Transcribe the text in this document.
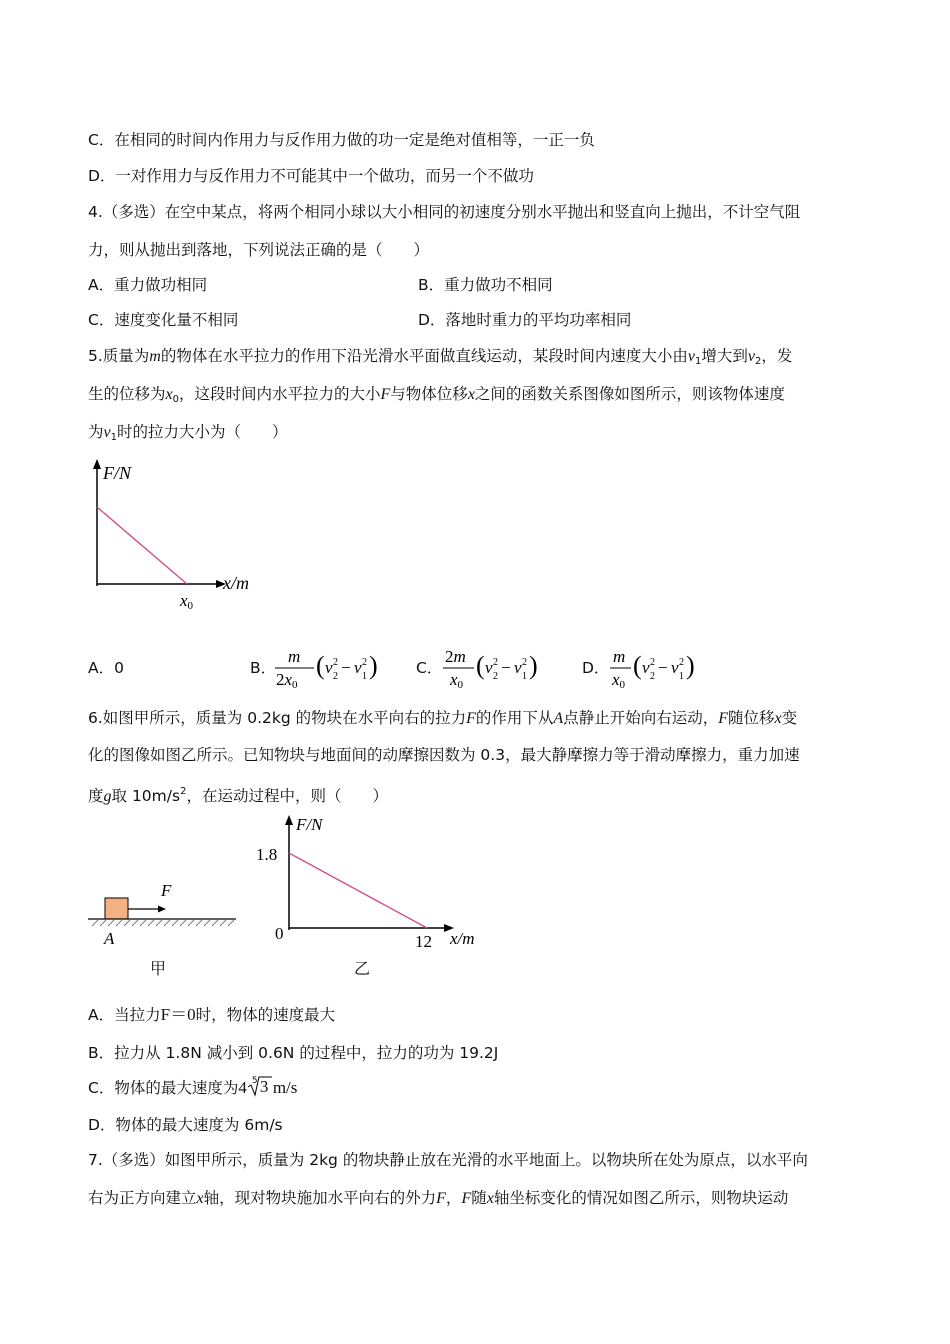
C．在相同的时间内作用力与反作用力做的功一定是绝对值相等，一正一负
D．一对作用力与反作用力不可能其中一个做功，而另一个不做功
4.（多选）在空中某点，将两个相同小球以大小相同的初速度分别水平抛出和竖直向上抛出，不计空气阻
力，则从抛出到落地，下列说法正确的是（　　）
A．重力做功相同	B．重力做功不相同
C．速度变化量不相同	D．落地时重力的平均功率相同
5.质量为m的物体在水平拉力的作用下沿光滑水平面做直线运动，某段时间内速度大小由$v_1$增大到$v_2$，发
生的位移为$x_0$，这段时间内水平拉力的大小F与物体位移x之间的函数关系图像如图所示，则该物体速度
为$v_1$时的拉力大小为（　　）
F/N
x/m
x0
A．0	B．
m
2x0
( v 2
2 − v 2
1 ) C．
2m
x0
( v 2
2 − v 2
1 )	D．
m
x0
( v 2
2 − v 2
1 )
6.如图甲所示，质量为 0.2kg 的物块在水平向右的拉力F的作用下从A点静止开始向右运动，F随位移x变
化的图像如图乙所示。已知物块与地面间的动摩擦因数为 0.3，最大静摩擦力等于滑动摩擦力，重力加速
度g取 $10m/s^2$，在运动过程中，则（　　）
F
A
甲
F/N
1.8
0	12 x/m
乙
A．当拉力F＝0时，物体的速度最大
B．拉力从 1.8N 减小到 0.6N 的过程中，拉力的功为 19.2J
C．物体的最大速度为4 5 3 m/s
D．物体的最大速度为 6m/s
7.（多选）如图甲所示，质量为 2kg 的物块静止放在光滑的水平地面上。以物块所在处为原点，以水平向
右为正方向建立x轴，现对物块施加水平向右的外力F，F随x轴坐标变化的情况如图乙所示，则物块运动
